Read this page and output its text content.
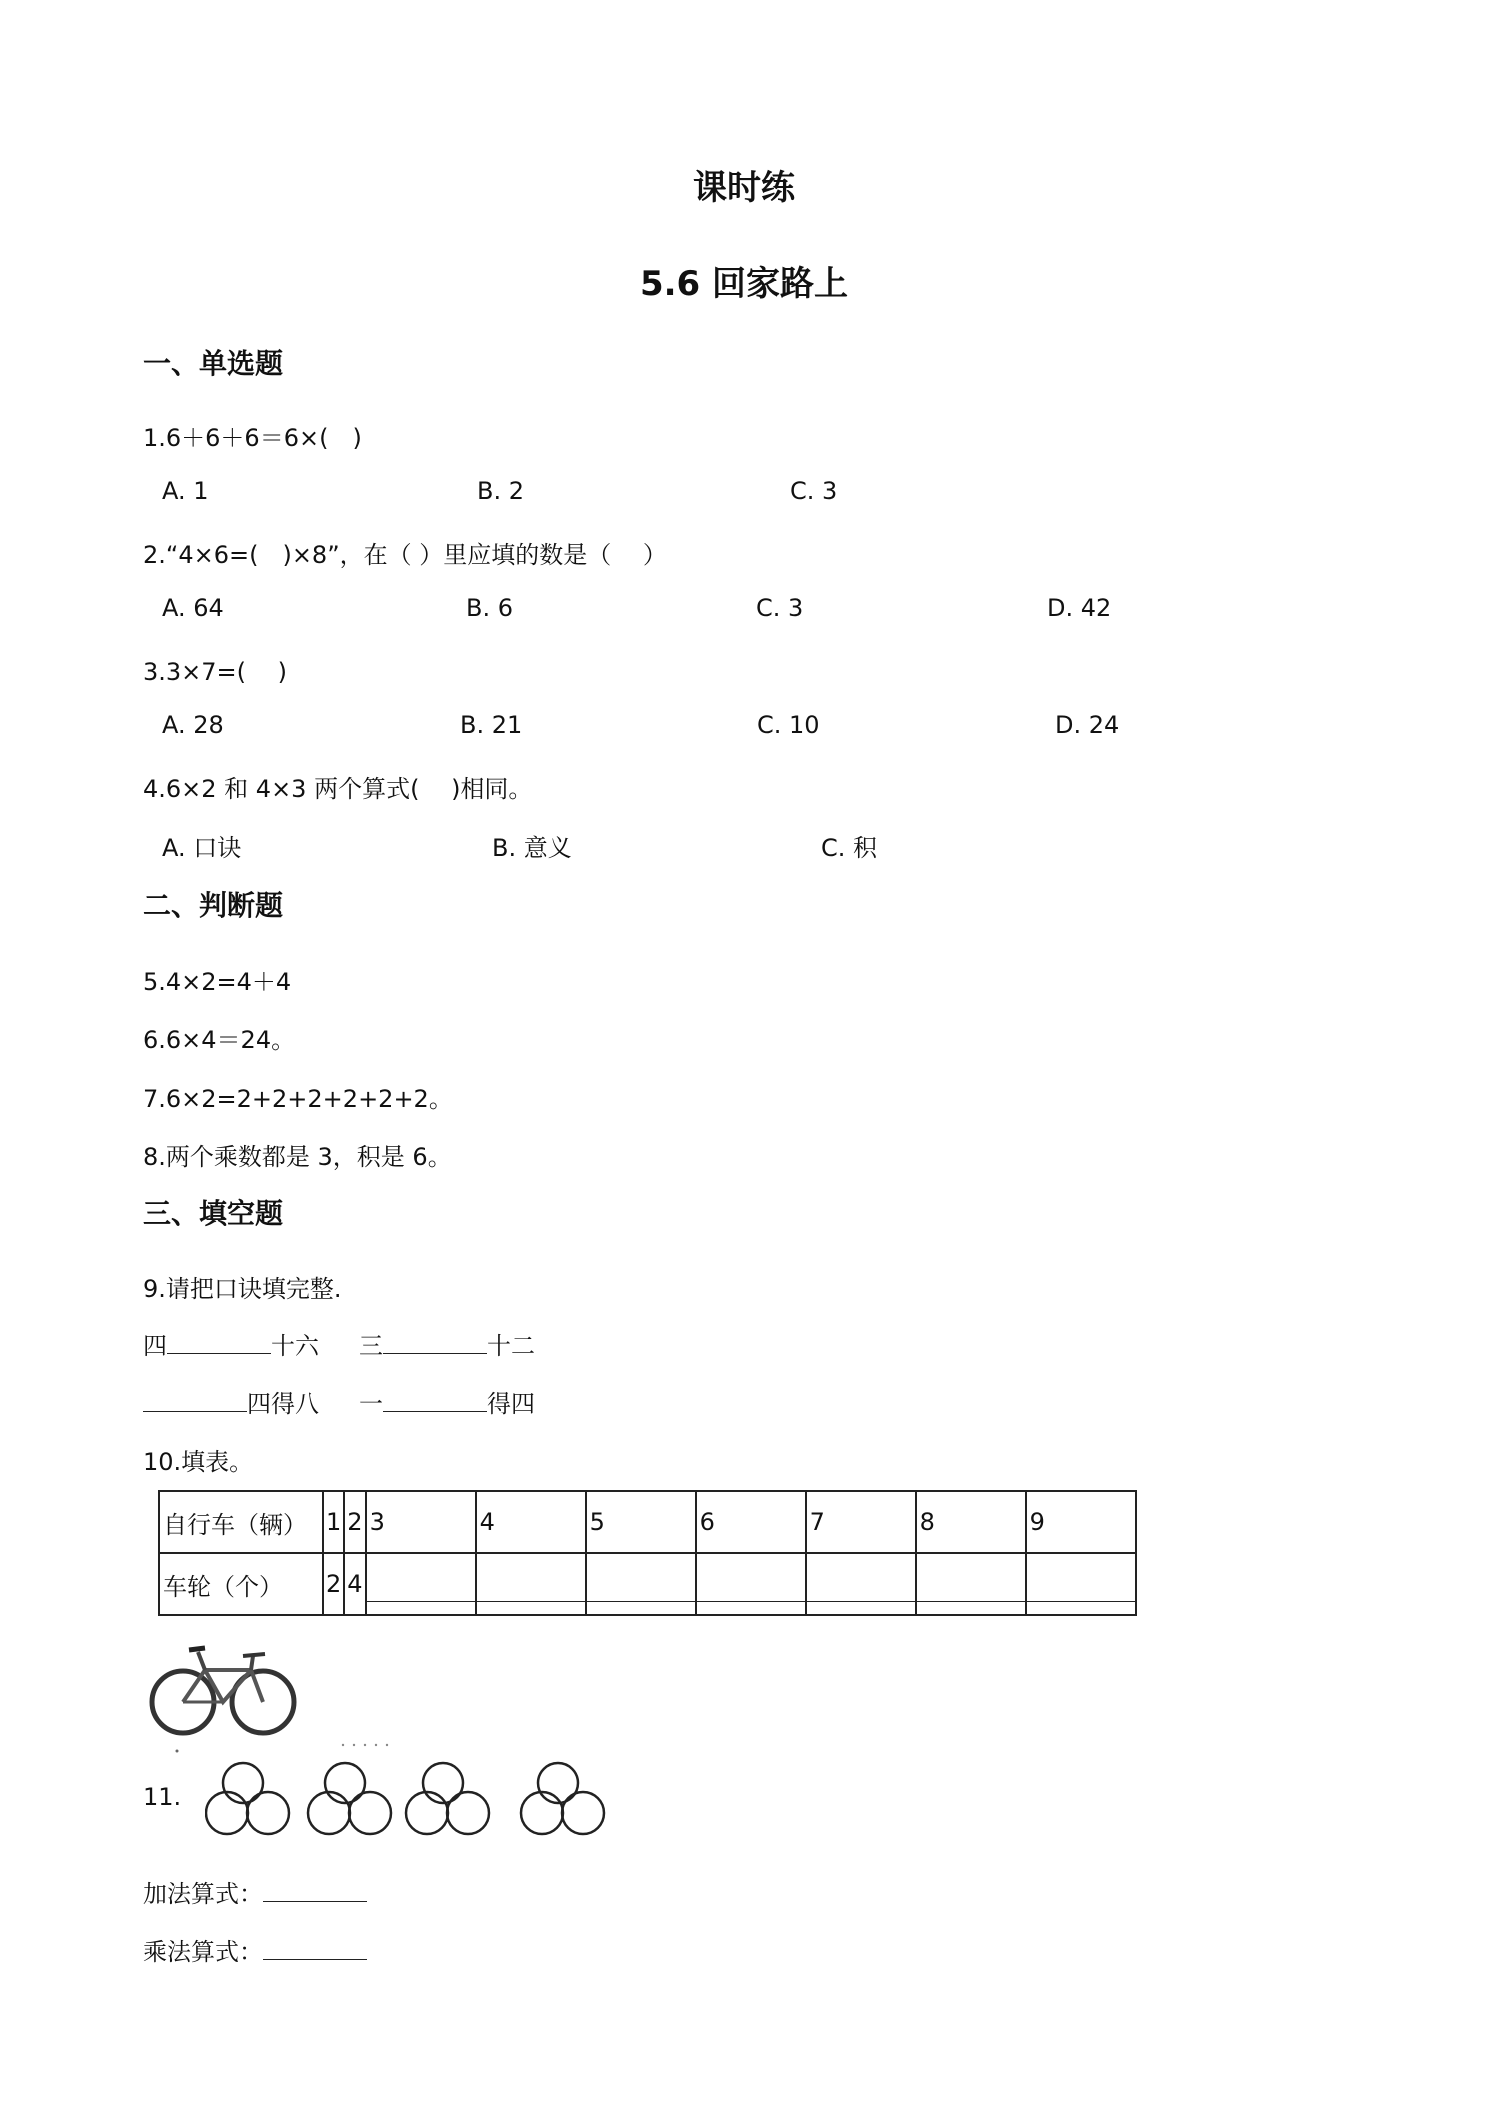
课时练
5.6 回家路上
一、单选题
1.6＋6＋6＝6×(　)
A. 1	B. 2	C. 3
2.“4×6=(　)×8”，在（ ）里应填的数是（　 ）
A. 64	B. 6	C. 3	D. 42
3.3×7=(　 )
A. 28	B. 21	C. 10	D. 24
4.6×2 和 4×3 两个算式(　 )相同。
A. 口诀	B. 意义	C. 积
二、判断题
5.4×2=4＋4
6.6×4＝24。
7.6×2=2+2+2+2+2+2。
8.两个乘数都是 3，积是 6。
三、填空题
9.请把口诀填完整.
四	十六 三	十二
四得八 一	得四
10.填表。
自行车（辆）	1	2	3	4	5	6	7	8	9
车轮（个）	2	4	

11.
加法算式：
乘法算式：
